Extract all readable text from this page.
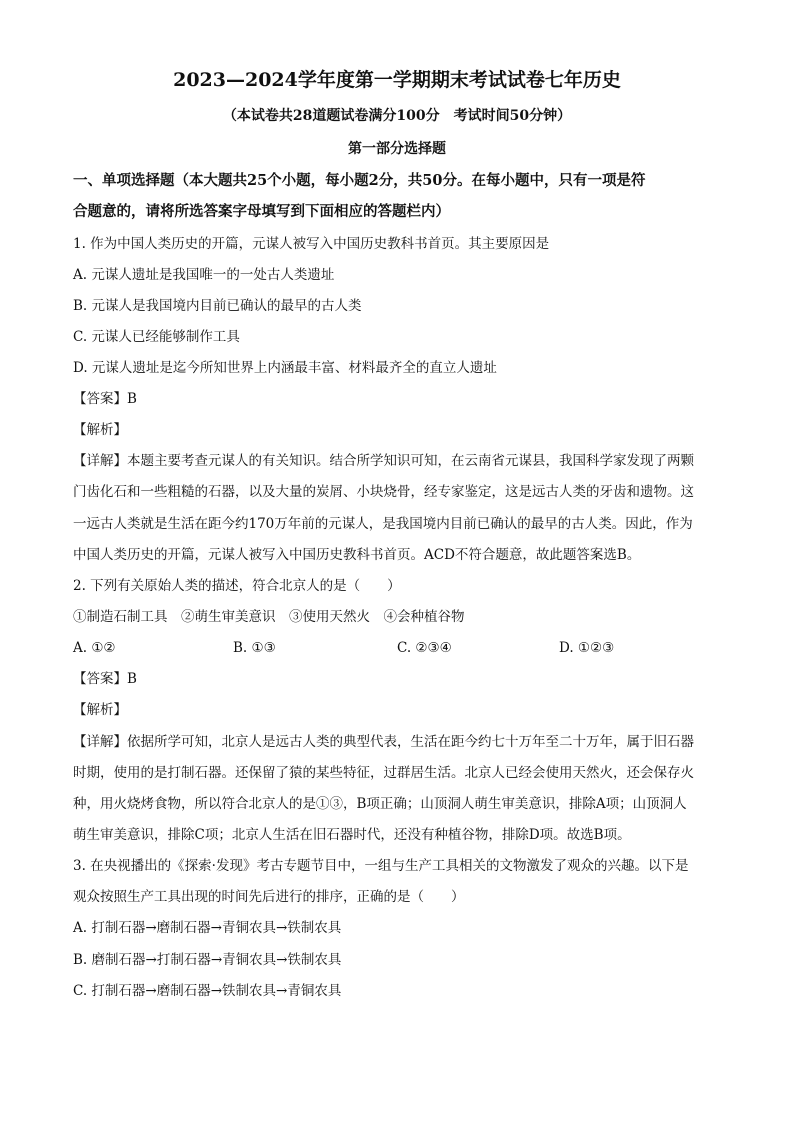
2023—2024学年度第一学期期末考试试卷七年历史
（本试卷共28道题试卷满分100分　考试时间50分钟）
第一部分选择题
一、单项选择题（本大题共25个小题，每小题2分，共50分。在每小题中，只有一项是符
合题意的，请将所选答案字母填写到下面相应的答题栏内）
1. 作为中国人类历史的开篇，元谋人被写入中国历史教科书首页。其主要原因是
A. 元谋人遗址是我国唯一的一处古人类遗址
B. 元谋人是我国境内目前已确认的最早的古人类
C. 元谋人已经能够制作工具
D. 元谋人遗址是迄今所知世界上内涵最丰富、材料最齐全的直立人遗址
【答案】B
【解析】
【详解】本题主要考查元谋人的有关知识。结合所学知识可知，在云南省元谋县，我国科学家发现了两颗
门齿化石和一些粗糙的石器，以及大量的炭屑、小块烧骨，经专家鉴定，这是远古人类的牙齿和遗物。这
一远古人类就是生活在距今约170万年前的元谋人，是我国境内目前已确认的最早的古人类。因此，作为
中国人类历史的开篇，元谋人被写入中国历史教科书首页。ACD不符合题意，故此题答案选B。
2. 下列有关原始人类的描述，符合北京人的是（　　）
①制造石制工具　②萌生审美意识　③使用天然火　④会种植谷物
A. ①②	B. ①③	C. ②③④	D. ①②③
【答案】B
【解析】
【详解】依据所学可知，北京人是远古人类的典型代表，生活在距今约七十万年至二十万年，属于旧石器
时期，使用的是打制石器。还保留了猿的某些特征，过群居生活。北京人已经会使用天然火，还会保存火
种，用火烧烤食物，所以符合北京人的是①③，B项正确；山顶洞人萌生审美意识，排除A项；山顶洞人
萌生审美意识，排除C项；北京人生活在旧石器时代，还没有种植谷物，排除D项。故选B项。
3. 在央视播出的《探索·发现》考古专题节目中，一组与生产工具相关的文物激发了观众的兴趣。以下是
观众按照生产工具出现的时间先后进行的排序，正确的是（　　）
A. 打制石器→磨制石器→青铜农具→铁制农具
B. 磨制石器→打制石器→青铜农具→铁制农具
C. 打制石器→磨制石器→铁制农具→青铜农具
